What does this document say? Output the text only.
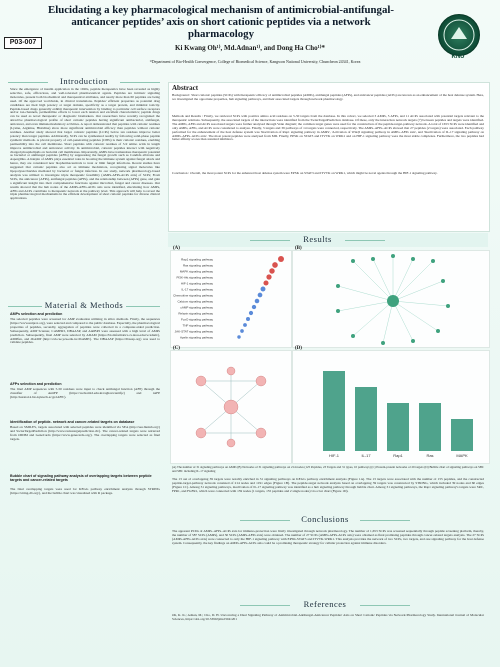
P03-007
Elucidating a key pharmacological mechanism of antimicrobial-antifungal-anticancer peptides’ axis on short cationic peptides via a network pharmacology
Ki Kwang Oh¹⁾, Md.Adnan¹⁾, and Dong Ha Cho¹⁾*
¹⁾Department of Bio-Health Convergence, College of Biomedical Science, Kangwon National University, Chuncheon 24341, Korea
KNU
Introduction
Since the emergence of insulin application in the 1920s, peptide therapeutics have been revealed as highly selective, safe, efficacious, and well-tolerated pharmaceutical agents. Peptides are intrinsic signaling molecules, present both biochemical and therapeutical attributes, and nearly more than 60 peptides are being used. Of the approved worldwide, in clinical translations. Peptides' efficient properties as potential drug candidates are their high potency or target domain, specificity as a target protein, and minimal toxicity. Peptide-based drugs generally exhibit therapeutic intervention by binding to particular cell surface receptors and/or ion-channels, permeabilize efforts to lower each tension and excellent characteristics; peptide drugs can be used as novel therapeutic or diagnostic biomarkers. Our researchers have recently recognized the attractive pharmacological profile of short cationic peptides having significant antibacterial, antifungal, anticancer, and even immunomodulatory activities. A report demonstrated that peptides with cationic residues (Lysine, Arginine, Histidine) show more significant antimicrobial efficacy than peptides without cationic residues. Another study showed that larger cationic peptides (LCPs) below ten residues improve better potency than longer peptides. Additionally, SCPs can be synthesized readily by following solid-phase peptide synthetic methods. A pivotal property of cell-penetrating peptides (CPPs) is their cationic residues, enabling permeability into the cell membrane. Short peptides with cationic residues of 3-9 amino acids in length improve antimicrobial and anticancer activity. In antimicrobial, cationic peptides interact with negatively charged phospholipids on bacterial cell membranes. Importantly, AMPs have tremendous therapeutic potential as bacterial or antifungal peptides (AFPs) by suppressing the fungal growth such as Candida albicans and Aspergillus. A hairpin of AMPs plays essential roles in boosting the immune system against fungal attack and hence, they are considered new biopharmaceuticals to treat or limit fungal infections. Recent studies have suggested that cationic peptides also act as immune modulators, recognizing signal molecules like lipopolysaccharides mediated by bacterial or fungal infection. In our study, network pharmacology-based analysis was utilized to investigate triple therapeutic feasibility (AMPs-AFPs-ACPs axis) of SCPs; From SCPs, the anticancer (AFPs), antifungal peptides (AFPs), and the relationship between (AFPs) gene, and gain a significant insight into their comprehensive functions against microbial, fungal and cancer diseases. Our results showed that the hub nodes of the AMPs-AFPs-ACPs axis were identified, elucidating how AMPs, AFPs and ACPs contribute to therapeutic network at the pathway level. This approach will help to reveal the triple pharmacological mechanisms in the efficient development of short cationic peptides for diverse clinical applications.
Abstract
Background : Short cationic peptides (SCPs) with therapeutic efficacy of antimicrobial peptides (AMPs), antifungal peptides (AFPs), and anticancer peptides (ACPs) are known as an enhancement of the host defense system. Here, we investigated the opportune properties, hub signaling pathways, and their associated targets through network pharmacology.
Methods and Results : Firstly, we retrieved SCPs with positive amino acid residues on 5-50 targets from the database. In this cohort, we selected 3 AMPs, 5 AFPs, and 11 ACPs associated with potential targets relevant to the therapeutic relations. Subsequently, the associated targets of the interactions were identified from the SwissTargetPrediction database. Of these, only the interaction network targets (7) between peptides and targets were identified. The AMPs, AFPs and ACPs associated targets were further analysed through Venn diagram; the common target genes were used for the construction of the peptide-target-pathway network. A total of 1653 SCPs were identified and only AMPs, AFPs, and ACPs were considered to analyze. Finally, 3 targets and 39 pathways of 14 targets were connected, respectively. The AMPs–AFPs–ACPs showed that 27 peptides (2 targets) were associated. Each pathway performed for the enhancement of the host defense system was 'Inactivation of Rap1 signaling pathway in AMPs', 'Activation of Wnt/β signaling pathway in AMPs–AFPs axis', and 'Inactivation of IL-17 signaling pathway on AMPs–AFPs–ACPs axis'. The most potent peptides were analysed from MD. Finally, EPSK on STAT3 and ITVTK on WRK1 and on HIF-1 signaling pathway were the most stable complexes. Furthermore, the two peptides had better affinity scores than standard inhibitors.
Conclusion : Overall, the most potent SCPs for the enhanced host defense system were EPSK on STAT3 and ITVTK on WRK1, which might be novel agents through the HIF-1 signaling pathway.
Results
Rap1 signaling pathway
Ras signaling pathway
MAPK signaling pathway
PI3K-Akt signaling pathway
HIF-1 signaling pathway
IL-17 signaling pathway
Chemokine signaling pathway
Calcium signaling pathway
cAMP signaling pathway
Relaxin signaling pathway
FoxO signaling pathway
TNF signaling pathway
JAK-STAT signaling pathway
Apelin signaling pathway
(A)	(B)
(C)
HIF-1	IL-17	Rap1	Ras	MAPK
(D)
(A) The number of 31 signaling pathways on AMPs (B) Networks of 31 signaling pathways on 214 nodes (125 Peptides, 23 Targets and 31 types, 10 pathways) (C) Protein-protein networks of 29 targets (D) Bubble chart of signaling pathways on SBC and SBC including IL-17 signaling
The 13 out of overlapping 39 targets were notably enriched in 31 signaling pathways on KEGG pathway enrichment analysis (Figure 1A). The 13 targets were associated with the number of 155 peptides, and the constructed peptide-target-pathway network consisted of 214 nodes and 1191 edges (Figure 1B). The peptide-target network analysis based on overlapping 39 targets was constructed by STRING, which included 39 nodes and 60 edges (Figure 1C). Among 31 signaling pathways, inactivation of IL-17 signaling pathway was identified as a hub signaling pathway through bubble chart. Among 31 signaling pathways, the Rap1 signaling pathway's targets were SRC, FPR1, and FGFR1, which were connected with 159 nodes (1 targets, 155 peptides and 2 single nodes) via a bar chart (Figure 1D).
Material & Methods
AMPs selection and prediction
The selected peptides were screened for AMP evaluation utilizing in silico methods. Firstly, the sequences (https://www.uniprot.org), were selected and compared to the public database. Especially, the pharmacological properties of peptides, secondly, aggregation of peptides were collected in a computer-aided prediction. Subsequently, AMP Scanner, CAMPR3, DBAASP, and AntiBP2 were assessed with a high level of AMPs prediction. Subsequently, final AMP were selected by ADAM (https://bioinformatics.cs.ntou.edu.tw/adam/), AMPfun, and dbAMP (http://csb.cse.yzu.edu.tw/dbAMP/). The DBAASP (https://dbaasp.org) was used to validate peptides.
AFPs selection and prediction
The final AMP sequences with 5-50 residues were input to check antifungal function (AFP) through the classifier of AntiFP (https://webs.iiitd.edu.in/raghava/antifp/) and iAFP (http://kurata14.bio.kyutech.ac.jp/iAFP/).
Identification of peptide- network and cancer-related targets on database
Based on SMILES, targets associated with selected peptides were identified via SEA (http://sea.bkslab.org/) and SwissTargetPrediction (http://www.swisstargetprediction.ch/). The cancer-related targets were retrieved from OMIM and GeneCards (https://www.genecards.org/). The overlapping targets were selected as final targets.
Bubble chart of signaling pathway analysis of overlapping targets between peptide targets and cancer-related targets
The final overlapping targets were used for KEGG pathway enrichment analysis through STRING (https://string-db.org/), and the bubble chart was visualized with R package.
Conclusions
The apparent PCDs of AMPs–AFPs–ACPs axis for immuno-protection were firstly investigated through network pharmacology. The number of 1,653 SCPs was screened sequentially through peptide screening platform, thereby, the number of 587 SCPs (AMPs), and 30 SCPs (AMPs-AFPs axis) were obtained. The number of 27 SCPs (AMPs-AFPs-ACPs axis) were obtained as final promising peptides through cancer-related targets analysis. The 27 SCPs (AMPs-AFPs-ACPs axis) were connected to only the HIF-1 signaling pathway with EPSK-STAT3 and ITVTK-WRK1. This analysis provides the network of two SCPs, two targets, and one signaling pathway for the host defense system. Consequently, the key findings on AMPs-AFPs-ACPs axis could be a promising therapeutic strategy for cellular protection against immune disorders.
References
Oh, K. K.; Adnan, M.; Cho, D. H. Uncovering a Dual Signaling Pathway of Antimicrobial-Antifungal-Anticancer Peptides' Axis on Short Cationic Peptides via Network Pharmacology Study. International Journal of Molecular Sciences, https://doi.org/10.3390/ijms23041201
